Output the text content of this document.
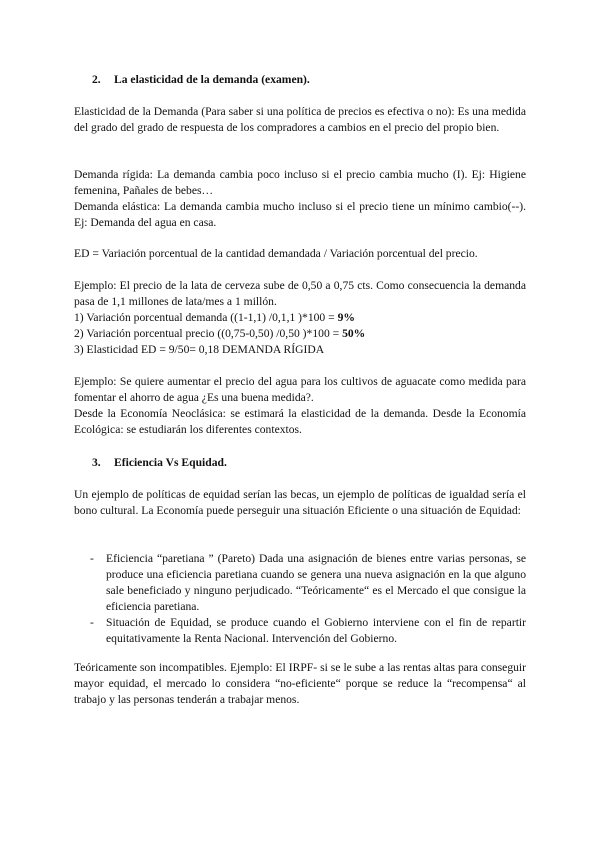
2. La elasticidad de la demanda (examen).

Elasticidad de la Demanda (Para saber si una política de precios es efectiva o no): Es una medida del grado del grado de respuesta de los compradores a cambios en el precio del propio bien.

Demanda rígida: La demanda cambia poco incluso si el precio cambia mucho (I). Ej: Higiene femenina, Pañales de bebes…

Demanda elástica: La demanda cambia mucho incluso si el precio tiene un mínimo cambio(--). Ej: Demanda del agua en casa.

ED = Variación porcentual de la cantidad demandada / Variación porcentual del precio.

Ejemplo: El precio de la lata de cerveza sube de 0,50 a 0,75 cts. Como consecuencia la demanda pasa de 1,1 millones de lata/mes a 1 millón.

1) Variación porcentual demanda ((1-1,1) /0,1,1 )*100 = 9%

2) Variación porcentual precio ((0,75-0,50) /0,50 )*100 = 50%

3) Elasticidad ED = 9/50= 0,18 DEMANDA RÍGIDA

Ejemplo: Se quiere aumentar el precio del agua para los cultivos de aguacate como medida para fomentar el ahorro de agua ¿Es una buena medida?.

Desde la Economía Neoclásica: se estimará la elasticidad de la demanda. Desde la Economía Ecológica: se estudiarán los diferentes contextos.

3. Eficiencia Vs Equidad.

Un ejemplo de políticas de equidad serían las becas, un ejemplo de políticas de igualdad sería el bono cultural. La Economía puede perseguir una situación Eficiente o una situación de Equidad:

- Eficiencia “paretiana ” (Pareto) Dada una asignación de bienes entre varias personas, se produce una eficiencia paretiana cuando se genera una nueva asignación en la que alguno sale beneficiado y ninguno perjudicado. “Teóricamente“ es el Mercado el que consigue la eficiencia paretiana.
- Situación de Equidad, se produce cuando el Gobierno interviene con el fin de repartir equitativamente la Renta Nacional. Intervención del Gobierno.

Teóricamente son incompatibles. Ejemplo: El IRPF- si se le sube a las rentas altas para conseguir mayor equidad, el mercado lo considera “no-eficiente“ porque se reduce la “recompensa“ al trabajo y las personas tenderán a trabajar menos.
